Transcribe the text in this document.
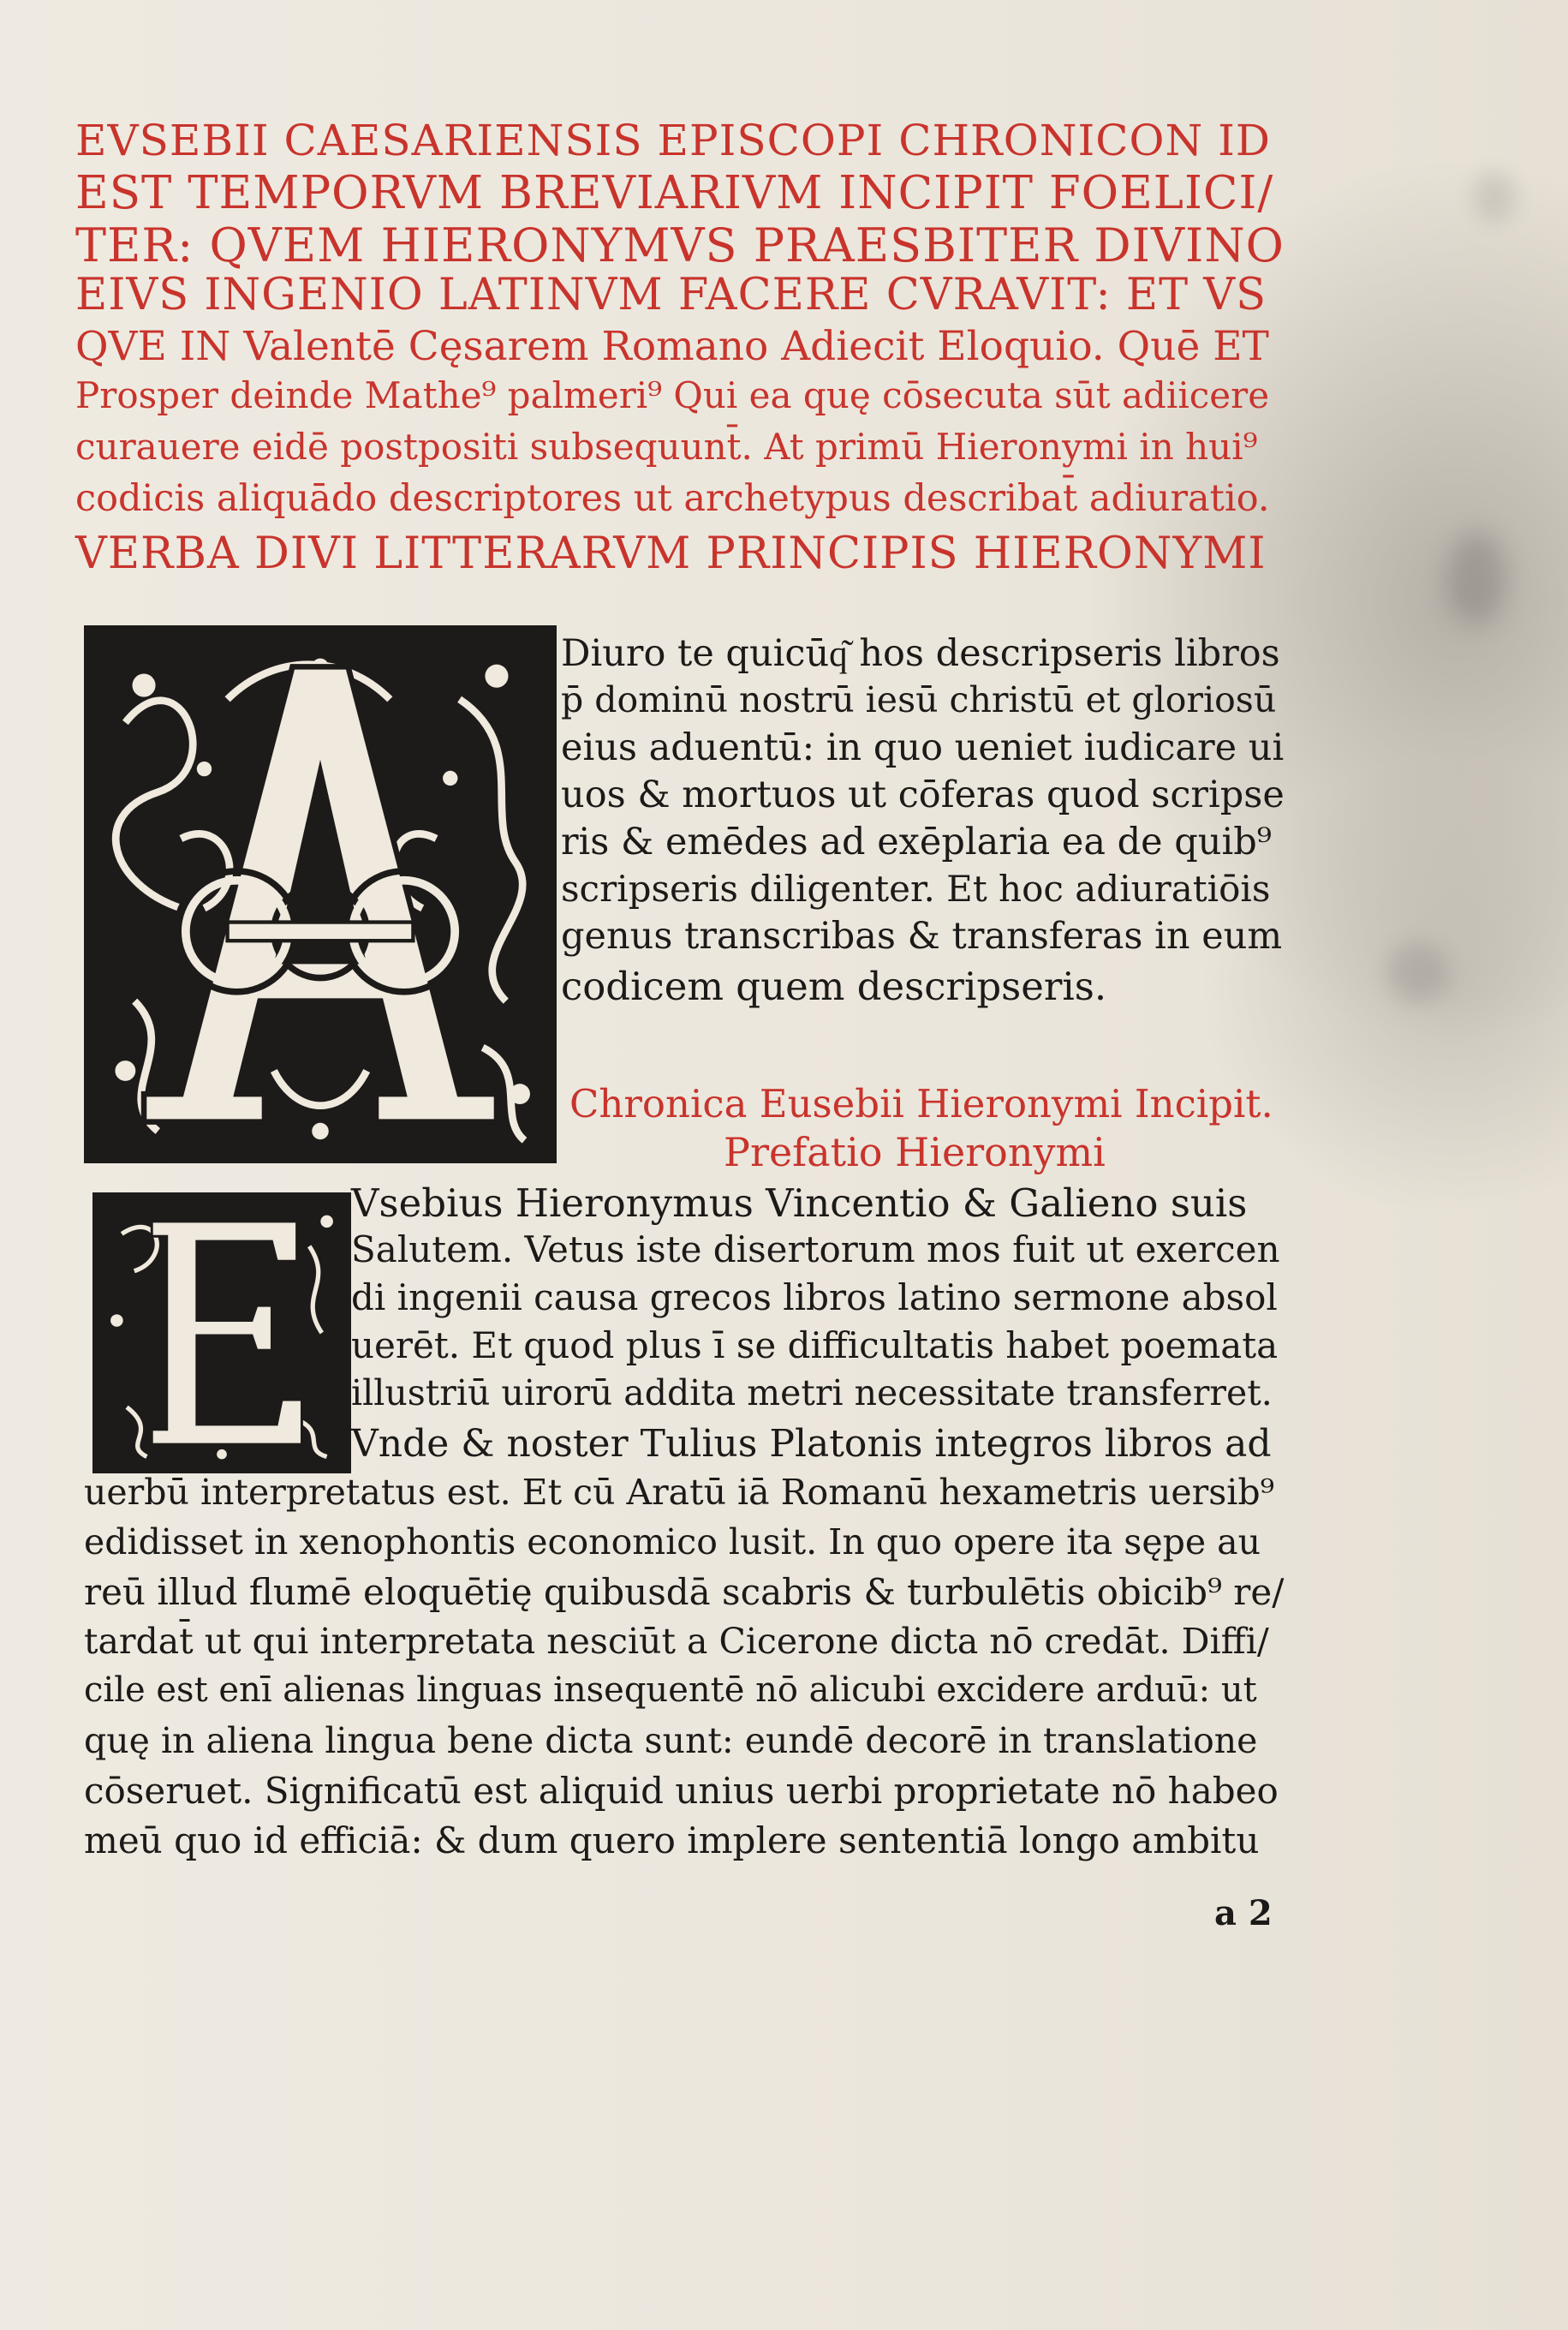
EVSEBII CAESARIENSIS EPISCOPI CHRONICON ID
EST TEMPORVM BREVIARIVM INCIPIT FOELICI/
TER: QVEM HIERONYMVS PRAESBITER DIVINO
EIVS INGENIO LATINVM FACERE CVRAVIT: ET VS
QVE IN Valentē Cęsarem Romano Adiecit Eloquio. Quē ET
Prosper deinde Mathe⁹ palmeri⁹ Qui ea quę cōsecuta sūt adiicere
curauere eidē postpositi subsequunt̄. At primū Hieronymi in hui⁹
codicis aliquādo descriptores ut archetypus describat̄ adiuratio.
VERBA DIVI LITTERARVM PRINCIPIS HIERONYMI
Diuro te quicūq͂ hos descripseris libros
p̄ dominū nostrū iesū christū et gloriosū
eius aduentū: in quo ueniet iudicare ui
uos & mortuos ut cōferas quod scripse
ris & emēdes ad exēplaria ea de quib⁹
scripseris diligenter. Et hoc adiuratiōis
genus transcribas & transferas in eum
codicem quem descripseris.
Chronica Eusebii Hieronymi Incipit.
Prefatio Hieronymi
Vsebius Hieronymus Vincentio & Galieno suis
Salutem. Vetus iste disertorum mos fuit ut exercen
di ingenii causa grecos libros latino sermone absol
uerēt. Et quod plus ī se difficultatis habet poemata
illustriū uirorū addita metri necessitate transferret.
Vnde & noster Tulius Platonis integros libros ad
uerbū interpretatus est. Et cū Aratū iā Romanū hexametris uersib⁹
edidisset in xenophontis economico lusit. In quo opere ita sępe au
reū illud flumē eloquētię quibusdā scabris & turbulētis obicib⁹ re/
tardat̄ ut qui interpretata nesciūt a Cicerone dicta nō credāt. Diffi/
cile est enī alienas linguas insequentē nō alicubi excidere arduū: ut
quę in aliena lingua bene dicta sunt: eundē decorē in translatione
cōseruet. Significatū est aliquid unius uerbi proprietate nō habeo
meū quo id efficiā: & dum quero implere sententiā longo ambitu
a 2
